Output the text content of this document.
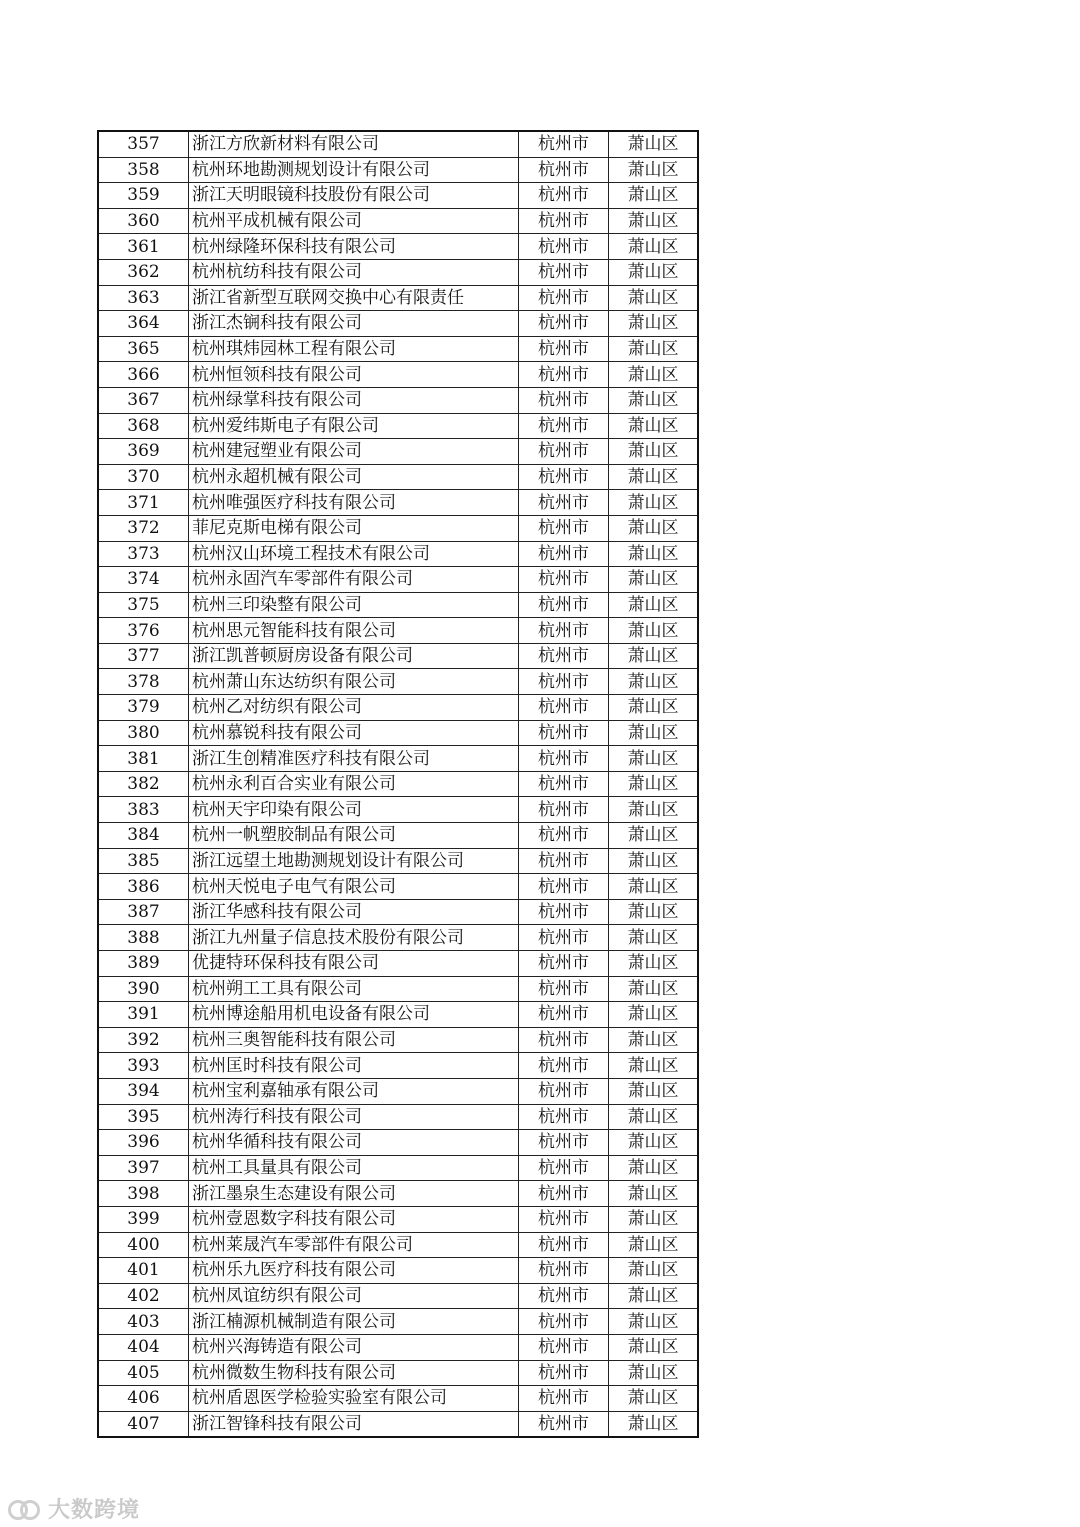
357	浙江方欣新材料有限公司	杭州市	萧山区
358	杭州环地勘测规划设计有限公司	杭州市	萧山区
359	浙江天明眼镜科技股份有限公司	杭州市	萧山区
360	杭州平成机械有限公司	杭州市	萧山区
361	杭州绿隆环保科技有限公司	杭州市	萧山区
362	杭州杭纺科技有限公司	杭州市	萧山区
363	浙江省新型互联网交换中心有限责任	杭州市	萧山区
364	浙江杰锎科技有限公司	杭州市	萧山区
365	杭州琪炜园林工程有限公司	杭州市	萧山区
366	杭州恒领科技有限公司	杭州市	萧山区
367	杭州绿掌科技有限公司	杭州市	萧山区
368	杭州爱纬斯电子有限公司	杭州市	萧山区
369	杭州建冠塑业有限公司	杭州市	萧山区
370	杭州永超机械有限公司	杭州市	萧山区
371	杭州唯强医疗科技有限公司	杭州市	萧山区
372	菲尼克斯电梯有限公司	杭州市	萧山区
373	杭州汉山环境工程技术有限公司	杭州市	萧山区
374	杭州永固汽车零部件有限公司	杭州市	萧山区
375	杭州三印染整有限公司	杭州市	萧山区
376	杭州思元智能科技有限公司	杭州市	萧山区
377	浙江凯普顿厨房设备有限公司	杭州市	萧山区
378	杭州萧山东达纺织有限公司	杭州市	萧山区
379	杭州乙对纺织有限公司	杭州市	萧山区
380	杭州慕锐科技有限公司	杭州市	萧山区
381	浙江生创精准医疗科技有限公司	杭州市	萧山区
382	杭州永利百合实业有限公司	杭州市	萧山区
383	杭州天宇印染有限公司	杭州市	萧山区
384	杭州一帆塑胶制品有限公司	杭州市	萧山区
385	浙江远望土地勘测规划设计有限公司	杭州市	萧山区
386	杭州天悦电子电气有限公司	杭州市	萧山区
387	浙江华感科技有限公司	杭州市	萧山区
388	浙江九州量子信息技术股份有限公司	杭州市	萧山区
389	优捷特环保科技有限公司	杭州市	萧山区
390	杭州朔工工具有限公司	杭州市	萧山区
391	杭州博途船用机电设备有限公司	杭州市	萧山区
392	杭州三奥智能科技有限公司	杭州市	萧山区
393	杭州匡时科技有限公司	杭州市	萧山区
394	杭州宝利嘉轴承有限公司	杭州市	萧山区
395	杭州涛行科技有限公司	杭州市	萧山区
396	杭州华循科技有限公司	杭州市	萧山区
397	杭州工具量具有限公司	杭州市	萧山区
398	浙江墨泉生态建设有限公司	杭州市	萧山区
399	杭州壹恩数字科技有限公司	杭州市	萧山区
400	杭州莱晟汽车零部件有限公司	杭州市	萧山区
401	杭州乐九医疗科技有限公司	杭州市	萧山区
402	杭州凤谊纺织有限公司	杭州市	萧山区
403	浙江楠源机械制造有限公司	杭州市	萧山区
404	杭州兴海铸造有限公司	杭州市	萧山区
405	杭州微数生物科技有限公司	杭州市	萧山区
406	杭州盾恩医学检验实验室有限公司	杭州市	萧山区
407	浙江智锋科技有限公司	杭州市	萧山区
大数跨境
